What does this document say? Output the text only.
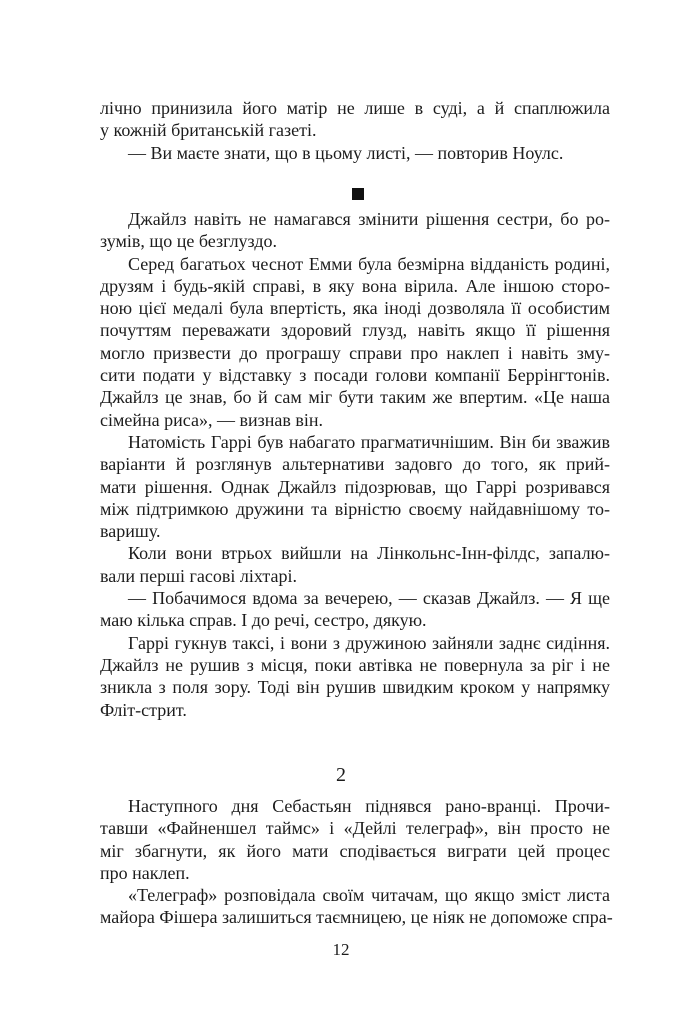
лічно принизила його матір не лише в суді, а й спаплюжила
у кожній британській газеті.
— Ви маєте знати, що в цьому листі, — повторив Ноулс.
Джайлз навіть не намагався змінити рішення сестри, бо ро-
зумів, що це безглуздо.
Серед багатьох чеснот Емми була безмірна відданість родині,
друзям і будь-якій справі, в яку вона вірила. Але іншою сторо-
ною цієї медалі була впертість, яка іноді дозволяла її особистим
почуттям переважати здоровий глузд, навіть якщо її рішення
могло призвести до програшу справи про наклеп і навіть зму-
сити подати у відставку з посади голови компанії Беррінгтонів.
Джайлз це знав, бо й сам міг бути таким же впертим. «Це наша
сімейна риса», — визнав він.
Натомість Гаррі був набагато прагматичнішим. Він би зважив
варіанти й розглянув альтернативи задовго до того, як прий-
мати рішення. Однак Джайлз підозрював, що Гаррі розривався
між підтримкою дружини та вірністю своєму найдавнішому то-
варишу.
Коли вони втрьох вийшли на Лінкольнс-Інн-філдс, запалю-
вали перші гасові ліхтарі.
— Побачимося вдома за вечерею, — сказав Джайлз. — Я ще
маю кілька справ. І до речі, сестро, дякую.
Гаррі гукнув таксі, і вони з дружиною зайняли заднє сидіння.
Джайлз не рушив з місця, поки автівка не повернула за ріг і не
зникла з поля зору. Тоді він рушив швидким кроком у напрямку
Фліт-стрит.
2
Наступного дня Себастьян піднявся рано-вранці. Прочи-
тавши «Файненшел таймс» і «Дейлі телеграф», він просто не
міг збагнути, як його мати сподівається виграти цей процес
про наклеп.
«Телеграф» розповідала своїм читачам, що якщо зміст листа
майора Фішера залишиться таємницею, це ніяк не допоможе спра-
12
